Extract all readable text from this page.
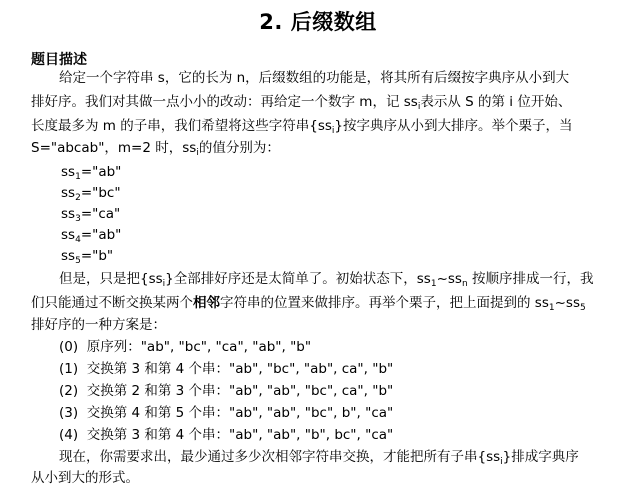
2. 后缀数组
题目描述
给定一个字符串 s，它的长为 n，后缀数组的功能是，将其所有后缀按字典序从小到大
排好序。我们对其做一点小小的改动：再给定一个数字 m，记 $ss_i$表示从 S 的第 i 位开始、
长度最多为 m 的子串，我们希望将这些字符串$\{ss_i\}$按字典序从小到大排序。举个栗子，当
S="abcab"，m=2 时，$ss_i$的值分别为：
$ss_1="ab$"
$ss_2="bc$"
$ss_3="ca$"
$ss_4="ab$"
$ss_5="b$"
但是，只是把$\{ss_i\}$全部排好序还是太简单了。初始状态下，$ss_1\sim ss_n$ 按顺序排成一行，我
们只能通过不断交换某两个相邻字符串的位置来做排序。再举个栗子，把上面提到的 $ss_1\sim ss_5$
排好序的一种方案是：
(0) 原序列："ab", "bc", "ca", "ab", "b"
(1) 交换第 3 和第 4 个串："ab", "bc", "ab", ca", "b"
(2) 交换第 2 和第 3 个串："ab", "ab", "bc", ca", "b"
(3) 交换第 4 和第 5 个串："ab", "ab", "bc", b", "ca"
(4) 交换第 3 和第 4 个串："ab", "ab", "b", bc", "ca"
现在，你需要求出，最少通过多少次相邻字符串交换，才能把所有子串$\{ss_i\}$排成字典序
从小到大的形式。
